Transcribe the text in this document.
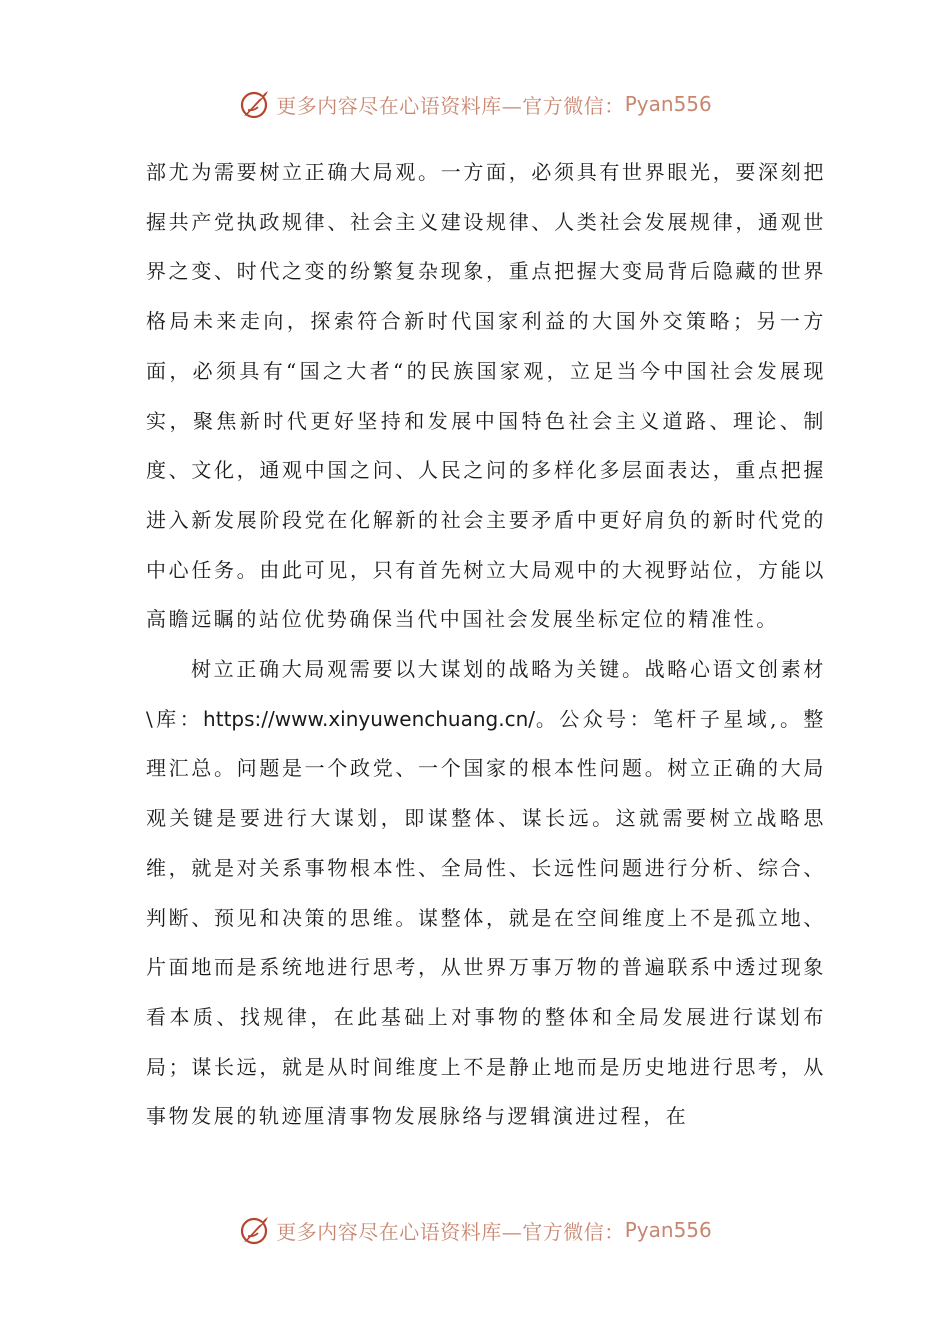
更多内容尽在心语资料库—官方微信： Pyan556

部尤为需要树立正确大局观。一方面，必须具有世界眼光，要深刻把握共产党执政规律、社会主义建设规律、人类社会发展规律，通观世界之变、时代之变的纷繁复杂现象，重点把握大变局背后隐藏的世界格局未来走向，探索符合新时代国家利益的大国外交策略；另一方面，必须具有“国之大者“的民族国家观，立足当今中国社会发展现实，聚焦新时代更好坚持和发展中国特色社会主义道路、理论、制度、文化，通观中国之问、人民之问的多样化多层面表达，重点把握进入新发展阶段党在化解新的社会主要矛盾中更好肩负的新时代党的中心任务。由此可见，只有首先树立大局观中的大视野站位，方能以高瞻远瞩的站位优势确保当代中国社会发展坐标定位的精准性。

树立正确大局观需要以大谋划的战略为关键。战略心语文创素材\库：https://www.xinyuwenchuang.cn/。公众号：笔杆子星域,。整理汇总。问题是一个政党、一个国家的根本性问题。树立正确的大局观关键是要进行大谋划，即谋整体、谋长远。这就需要树立战略思维，就是对关系事物根本性、全局性、长远性问题进行分析、综合、判断、预见和决策的思维。谋整体，就是在空间维度上不是孤立地、片面地而是系统地进行思考，从世界万事万物的普遍联系中透过现象看本质、找规律，在此基础上对事物的整体和全局发展进行谋划布局；谋长远，就是从时间维度上不是静止地而是历史地进行思考，从事物发展的轨迹厘清事物发展脉络与逻辑演进过程，在

更多内容尽在心语资料库—官方微信： Pyan556
